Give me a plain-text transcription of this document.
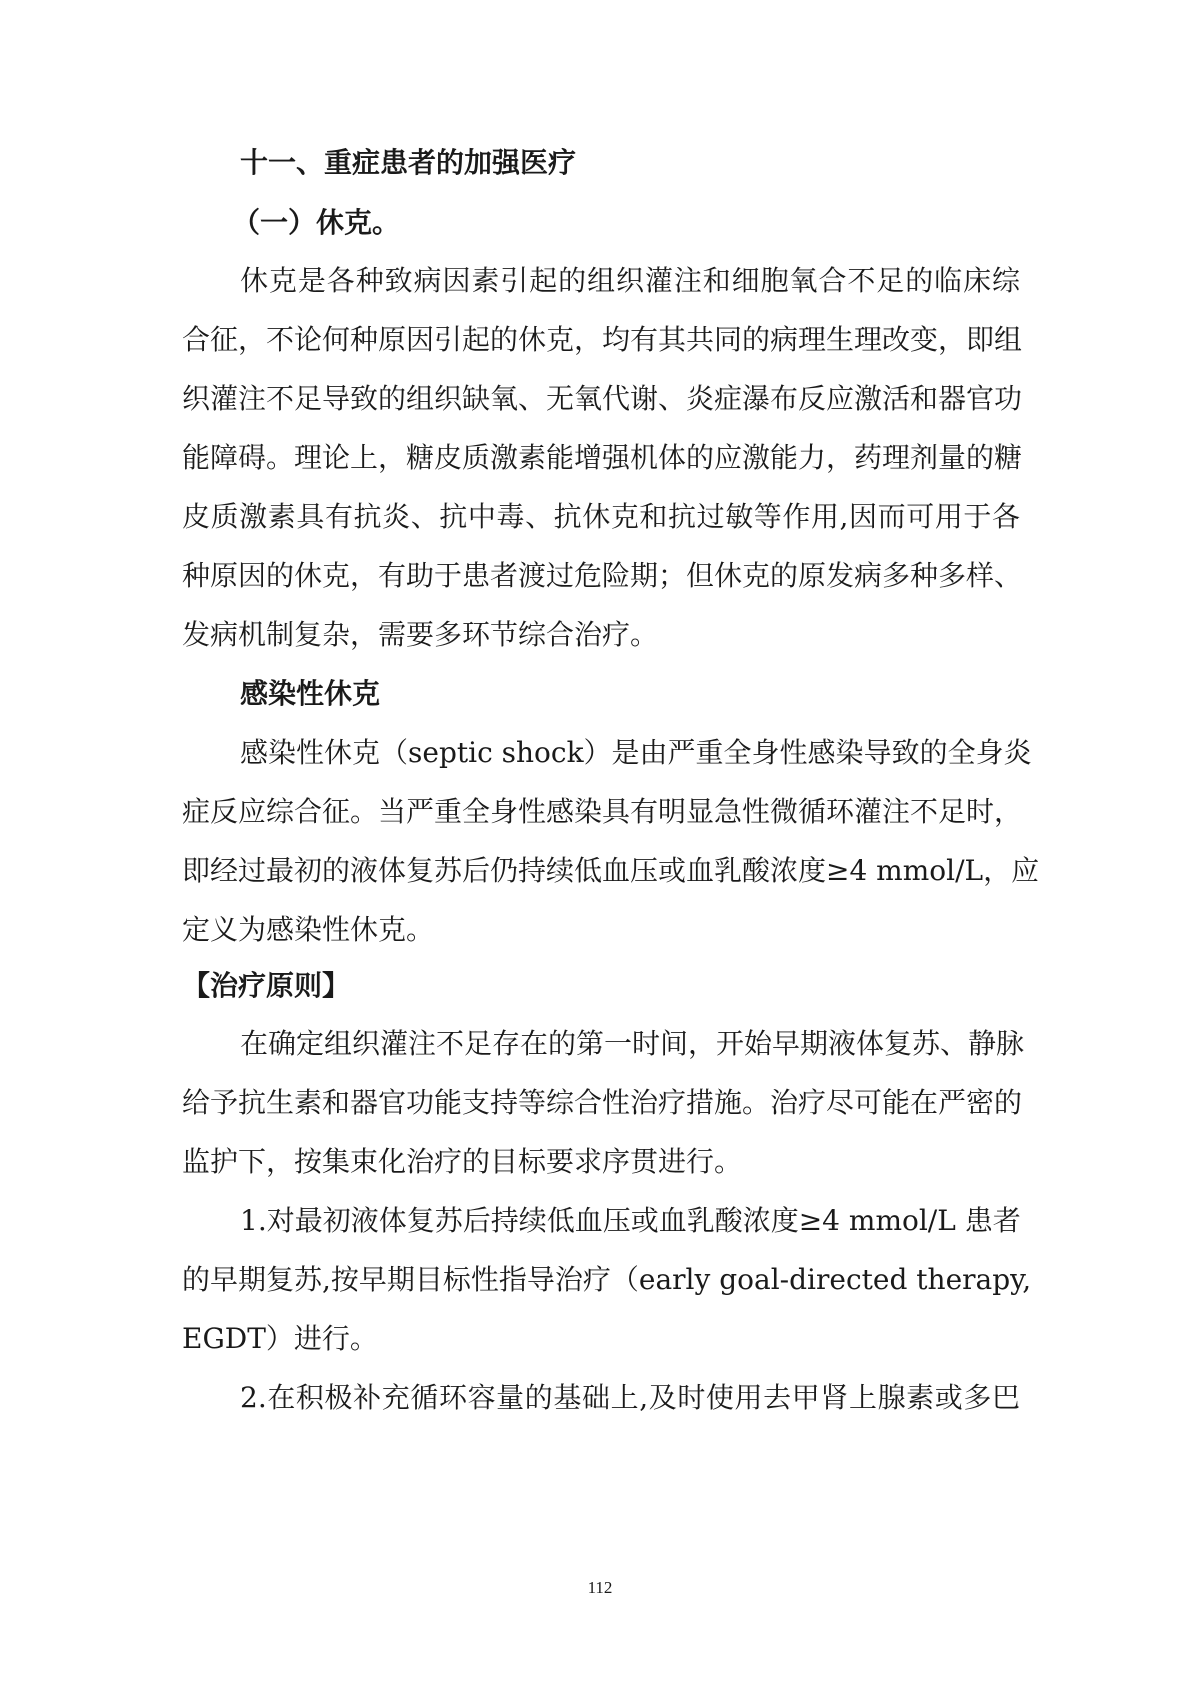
十一、重症患者的加强医疗
（一）休克。
休克是各种致病因素引起的组织灌注和细胞氧合不足的临床综
合征，不论何种原因引起的休克，均有其共同的病理生理改变，即组
织灌注不足导致的组织缺氧、无氧代谢、炎症瀑布反应激活和器官功
能障碍。理论上，糖皮质激素能增强机体的应激能力，药理剂量的糖
皮质激素具有抗炎、抗中毒、抗休克和抗过敏等作用,因而可用于各
种原因的休克，有助于患者渡过危险期；但休克的原发病多种多样、
发病机制复杂，需要多环节综合治疗。
感染性休克
感染性休克（septic shock）是由严重全身性感染导致的全身炎
症反应综合征。当严重全身性感染具有明显急性微循环灌注不足时，
即经过最初的液体复苏后仍持续低血压或血乳酸浓度≥4 mmol/L，应
定义为感染性休克。
【治疗原则】
在确定组织灌注不足存在的第一时间，开始早期液体复苏、静脉
给予抗生素和器官功能支持等综合性治疗措施。治疗尽可能在严密的
监护下，按集束化治疗的目标要求序贯进行。
1.对最初液体复苏后持续低血压或血乳酸浓度≥4 mmol/L 患者
的早期复苏,按早期目标性指导治疗（early goal-directed therapy,
EGDT）进行。
2.在积极补充循环容量的基础上,及时使用去甲肾上腺素或多巴
112
